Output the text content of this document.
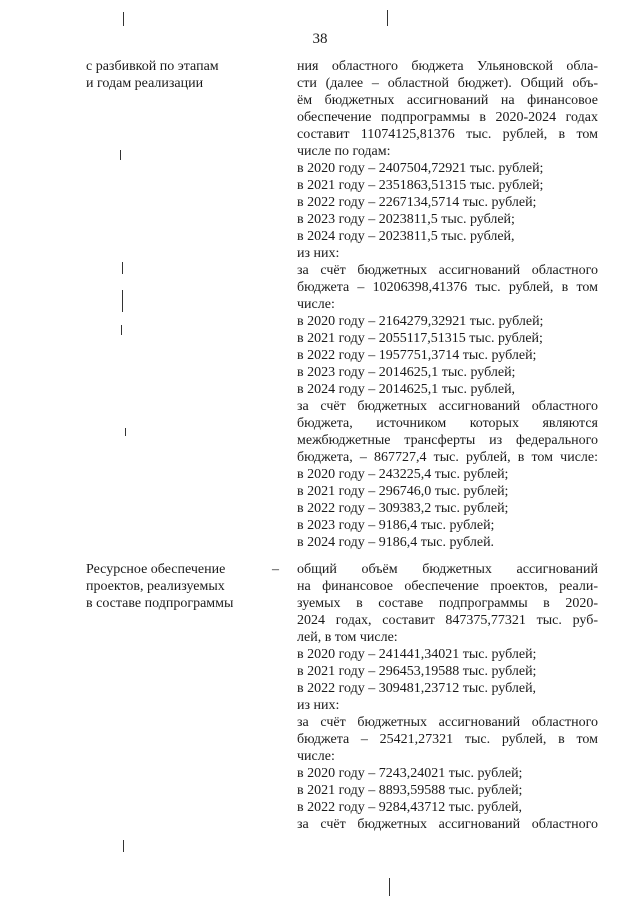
38
с разбивкой по этапам
и годам реализации
ния областного бюджета Ульяновской обла-
сти (далее – областной бюджет). Общий объ-
ём бюджетных ассигнований на финансовое
обеспечение подпрограммы в 2020-2024 годах
составит 11074125,81376 тыс. рублей, в том
числе по годам:
в 2020 году – 2407504,72921 тыс. рублей;
в 2021 году – 2351863,51315 тыс. рублей;
в 2022 году – 2267134,5714 тыс. рублей;
в 2023 году – 2023811,5 тыс. рублей;
в 2024 году – 2023811,5 тыс. рублей,
из них:
за счёт бюджетных ассигнований областного
бюджета – 10206398,41376 тыс. рублей, в том
числе:
в 2020 году – 2164279,32921 тыс. рублей;
в 2021 году – 2055117,51315 тыс. рублей;
в 2022 году – 1957751,3714 тыс. рублей;
в 2023 году – 2014625,1 тыс. рублей;
в 2024 году – 2014625,1 тыс. рублей,
за счёт бюджетных ассигнований областного
бюджета, источником которых являются
межбюджетные трансферты из федерального
бюджета, – 867727,4 тыс. рублей, в том числе:
в 2020 году – 243225,4 тыс. рублей;
в 2021 году – 296746,0 тыс. рублей;
в 2022 году – 309383,2 тыс. рублей;
в 2023 году – 9186,4 тыс. рублей;
в 2024 году – 9186,4 тыс. рублей.
Ресурсное обеспечение
проектов, реализуемых
в составе подпрограммы
– общий объём бюджетных ассигнований
на финансовое обеспечение проектов, реали-
зуемых в составе подпрограммы в 2020-
2024 годах, составит 847375,77321 тыс. руб-
лей, в том числе:
в 2020 году – 241441,34021 тыс. рублей;
в 2021 году – 296453,19588 тыс. рублей;
в 2022 году – 309481,23712 тыс. рублей,
из них:
за счёт бюджетных ассигнований областного
бюджета – 25421,27321 тыс. рублей, в том
числе:
в 2020 году – 7243,24021 тыс. рублей;
в 2021 году – 8893,59588 тыс. рублей;
в 2022 году – 9284,43712 тыс. рублей,
за счёт бюджетных ассигнований областного
